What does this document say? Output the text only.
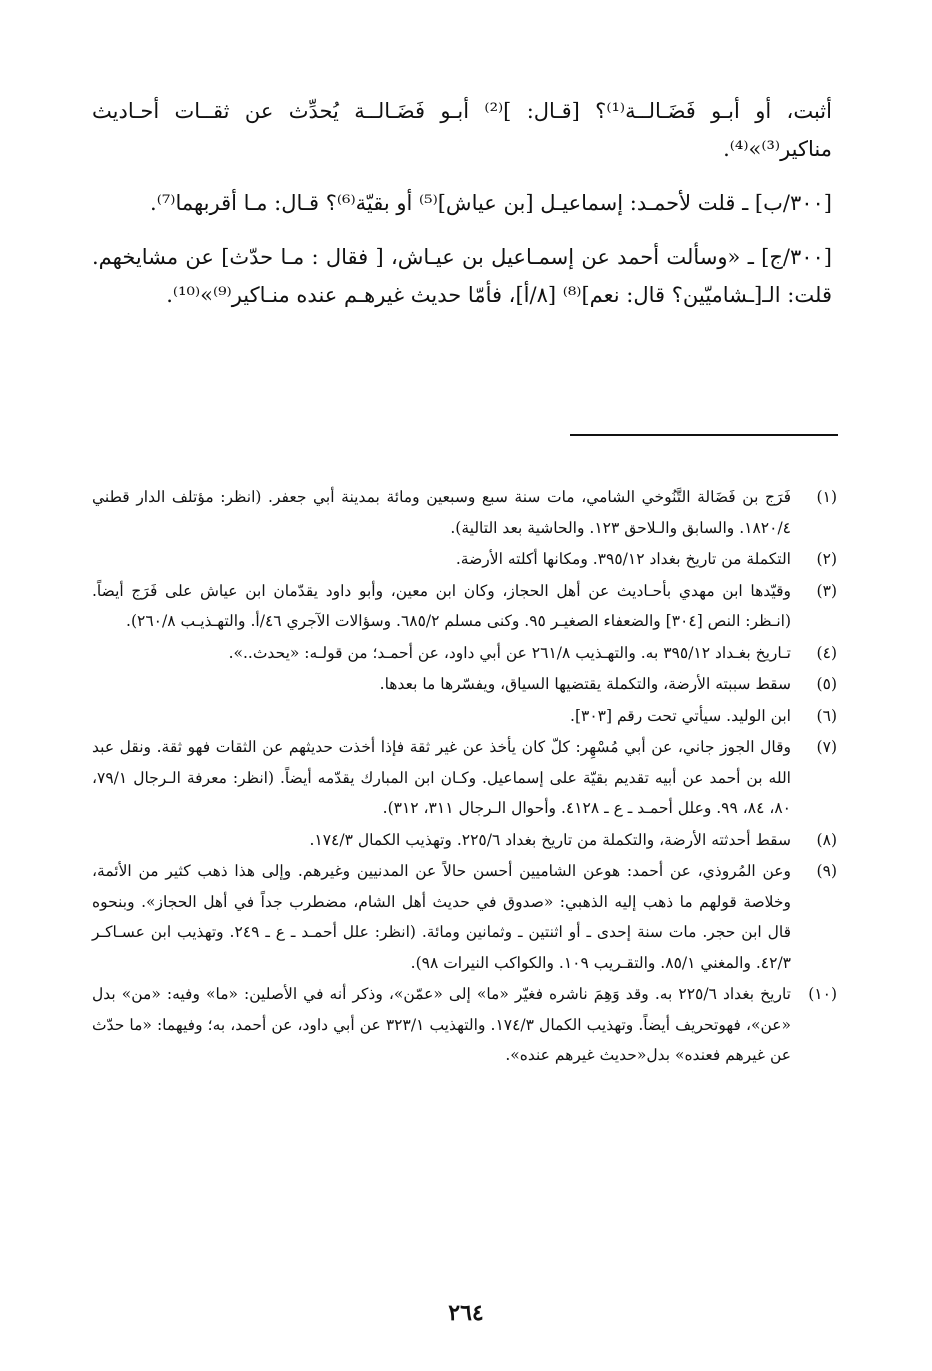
أثبت، أو أبـو فَضَـالــة⁽¹⁾؟ [قـال: ]⁽²⁾ أبـو فَضَـالــة يُحدِّث عن ثقــات أحـاديث مناكير⁽³⁾»⁽⁴⁾.

[٣٠٠/ب] ـ قلت لأحمـد: إسماعيـل [بن عياش]⁽⁵⁾ أو بقيّة⁽⁶⁾؟ قـال: مـا أقربهما⁽⁷⁾.

[٣٠٠/ج] ـ «وسألت أحمد عن إسمـاعيل بن عيـاش، [ فقال : مـا حدّث] عن مشايخهم. قلت: الـ[ـشاميّين؟ قال: نعم]⁽⁸⁾ [٨/أ]، فأمّا حديث غيرهـم عنده منـاكير⁽⁹⁾»⁽¹⁰⁾.

(١)
فَرَج بن فَضَالة التَّنُوخي الشامي، مات سنة سبع وسبعين ومائة بمدينة أبي جعفر. (انظر: مؤتلف الدار قطني ١٨٢٠/٤. والسابق والـلاحق ١٢٣. والحاشية بعد التالية).
(٢)
التكملة من تاريخ بغداد ٣٩٥/١٢. ومكانها أكلته الأرضة.
(٣)
وقيّدها ابن مهدي بأحـاديث عن أهل الحجاز، وكان ابن معين، وأبو داود يقدّمان ابن عياش على فَرَج أيضاً. (انـظر: النص [٣٠٤] والضعفاء الصغيـر ٩٥. وكنى مسلم ٦٨٥/٢. وسؤالات الآجري ٤٦/أ. والتهـذيـب ٢٦٠/٨).
(٤)
تـاريخ بغـداد ٣٩٥/١٢ به. والتهـذيب ٢٦١/٨ عن أبي داود، عن أحمـد؛ من قولـه: «يحدث..».
(٥)
سقط سببته الأرضة، والتكملة يقتضيها السياق، ويفسّرها ما بعدها.
(٦)
ابن الوليد. سيأتي تحت رقم [٣٠٣].
(٧)
وقال الجوز جاني، عن أبي مُسْهِر: كلّ كان يأخذ عن غير ثقة فإذا أخذت حديثهم عن الثقات فهو ثقة. ونقل عبد الله بن أحمد عن أبيه تقديم بقيّة على إسماعيل. وكـان ابن المبارك يقدّمه أيضاً. (انظر: معرفة الـرجال ٧٩/١، ٨٠، ٨٤، ٩٩. وعلل أحمـد ـ ع ـ ٤١٢٨. وأحوال الـرجال ٣١١، ٣١٢).
(٨)
سقط أحدثته الأرضة، والتكملة من تاريخ بغداد ٢٢٥/٦. وتهذيب الكمال ١٧٤/٣.
(٩)
وعن المُروذي، عن أحمد: هوعن الشاميين أحسن حالاً عن المدنيين وغيرهم. وإلى هذا ذهب كثير من الأئمة، وخلاصة قولهم ما ذهب إليه الذهبي: «صدوق في حديث أهل الشام، مضطرب جداً في أهل الحجاز». وبنحوه قال ابن حجر. مات سنة إحدى ـ أو اثنتين ـ وثمانين ومائة. (انظر: علل أحمـد ـ ع ـ ٢٤٩. وتهذيب ابن عسـاكـر ٤٢/٣. والمغني ٨٥/١. والتقـريب ١٠٩. والكواكب النيرات ٩٨).
(١٠)
تاريخ بغداد ٢٢٥/٦ به. وقد وَهِمَ ناشره فغيّر «ما» إلى «عمّن»، وذكر أنه في الأصلين: «ما» وفيه: «من» بدل «عن»، فهوتحريف أيضاً. وتهذيب الكمال ١٧٤/٣. والتهذيب ٣٢٣/١ عن أبي داود، عن أحمد، به؛ وفيهما: «ما حدّث عن غيرهم فعنده» بدل«حديث غيرهم عنده».
٢٦٤
